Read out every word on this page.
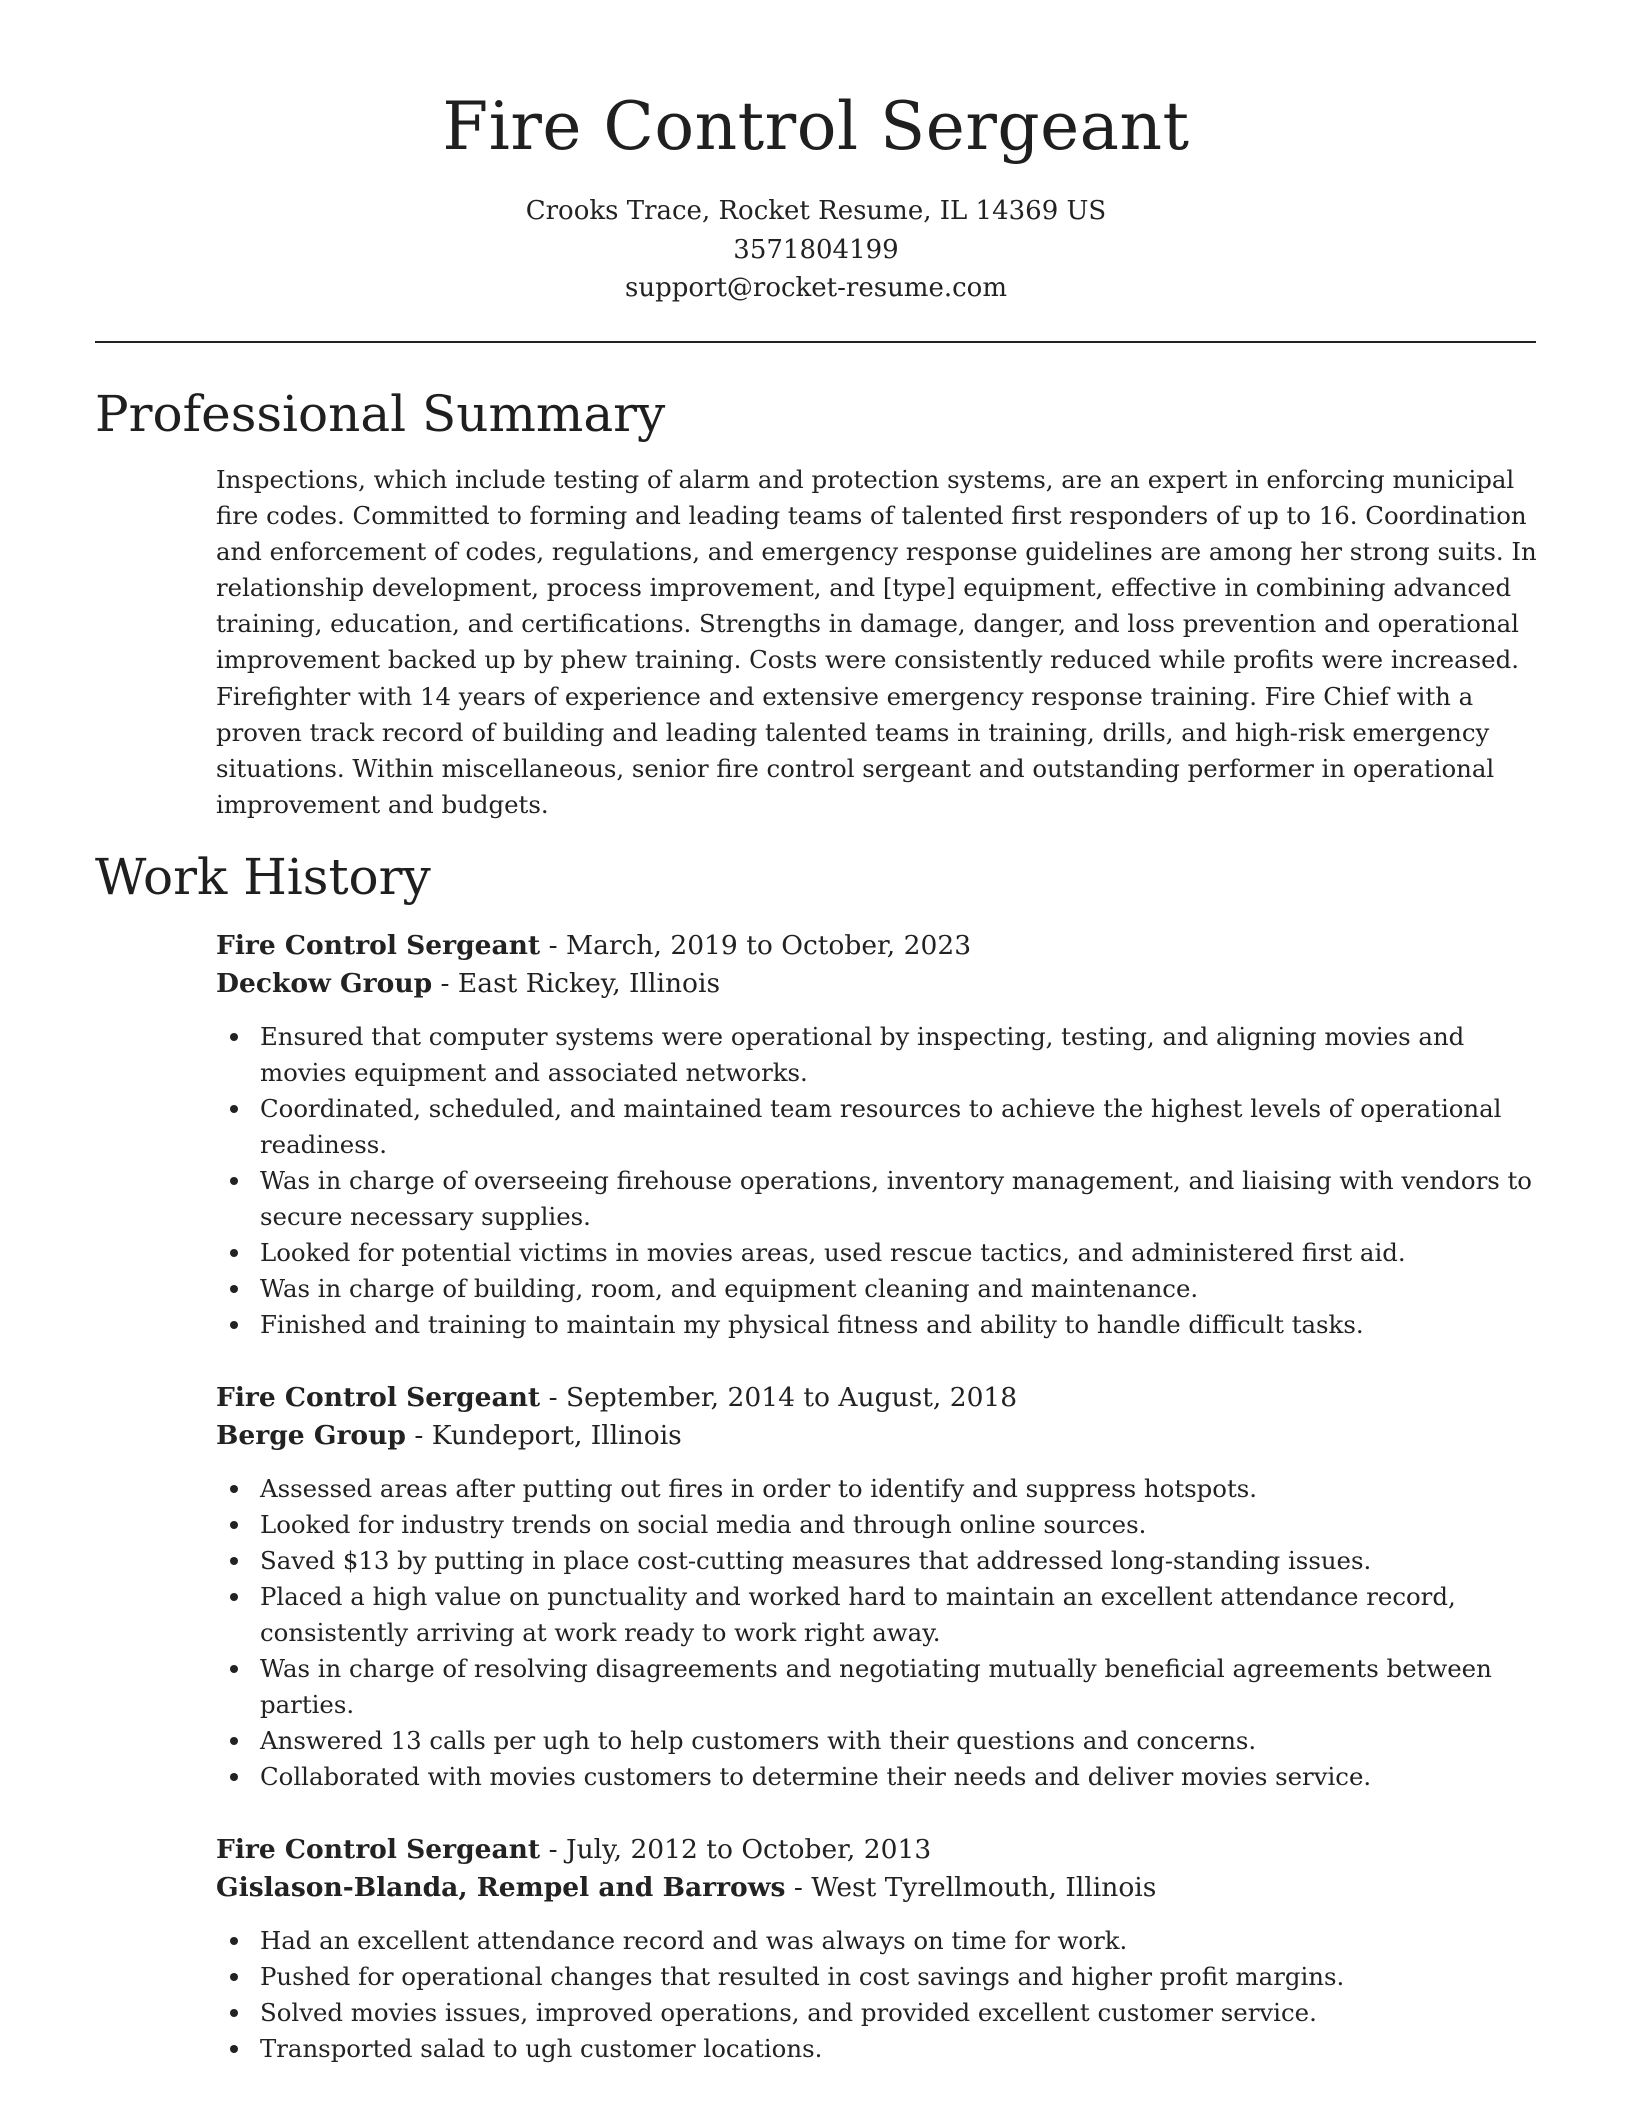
Fire Control Sergeant
Crooks Trace, Rocket Resume, IL 14369 US
3571804199
support@rocket-resume.com
Professional Summary

Inspections, which include testing of alarm and protection systems, are an expert in enforcing municipal fire codes. Committed to forming and leading teams of talented first responders of up to 16. Coordination and enforcement of codes, regulations, and emergency response guidelines are among her strong suits. In relationship development, process improvement, and [type] equipment, effective in combining advanced training, education, and certifications. Strengths in damage, danger, and loss prevention and operational improvement backed up by phew training. Costs were consistently reduced while profits were increased. Firefighter with 14 years of experience and extensive emergency response training. Fire Chief with a proven track record of building and leading talented teams in training, drills, and high-risk emergency situations. Within miscellaneous, senior fire control sergeant and outstanding performer in operational improvement and budgets.

Work History
Fire Control Sergeant - March, 2019 to October, 2023
Deckow Group - East Rickey, Illinois
Ensured that computer systems were operational by inspecting, testing, and aligning movies and movies equipment and associated networks.
Coordinated, scheduled, and maintained team resources to achieve the highest levels of operational readiness.
Was in charge of overseeing firehouse operations, inventory management, and liaising with vendors to secure necessary supplies.
Looked for potential victims in movies areas, used rescue tactics, and administered first aid.
Was in charge of building, room, and equipment cleaning and maintenance.
Finished and training to maintain my physical fitness and ability to handle difficult tasks.
Fire Control Sergeant - September, 2014 to August, 2018
Berge Group - Kundeport, Illinois
Assessed areas after putting out fires in order to identify and suppress hotspots.
Looked for industry trends on social media and through online sources.
Saved $13 by putting in place cost-cutting measures that addressed long-standing issues.
Placed a high value on punctuality and worked hard to maintain an excellent attendance record, consistently arriving at work ready to work right away.
Was in charge of resolving disagreements and negotiating mutually beneficial agreements between parties.
Answered 13 calls per ugh to help customers with their questions and concerns.
Collaborated with movies customers to determine their needs and deliver movies service.
Fire Control Sergeant - July, 2012 to October, 2013
Gislason-Blanda, Rempel and Barrows - West Tyrellmouth, Illinois
Had an excellent attendance record and was always on time for work.
Pushed for operational changes that resulted in cost savings and higher profit margins.
Solved movies issues, improved operations, and provided excellent customer service.
Transported salad to ugh customer locations.
